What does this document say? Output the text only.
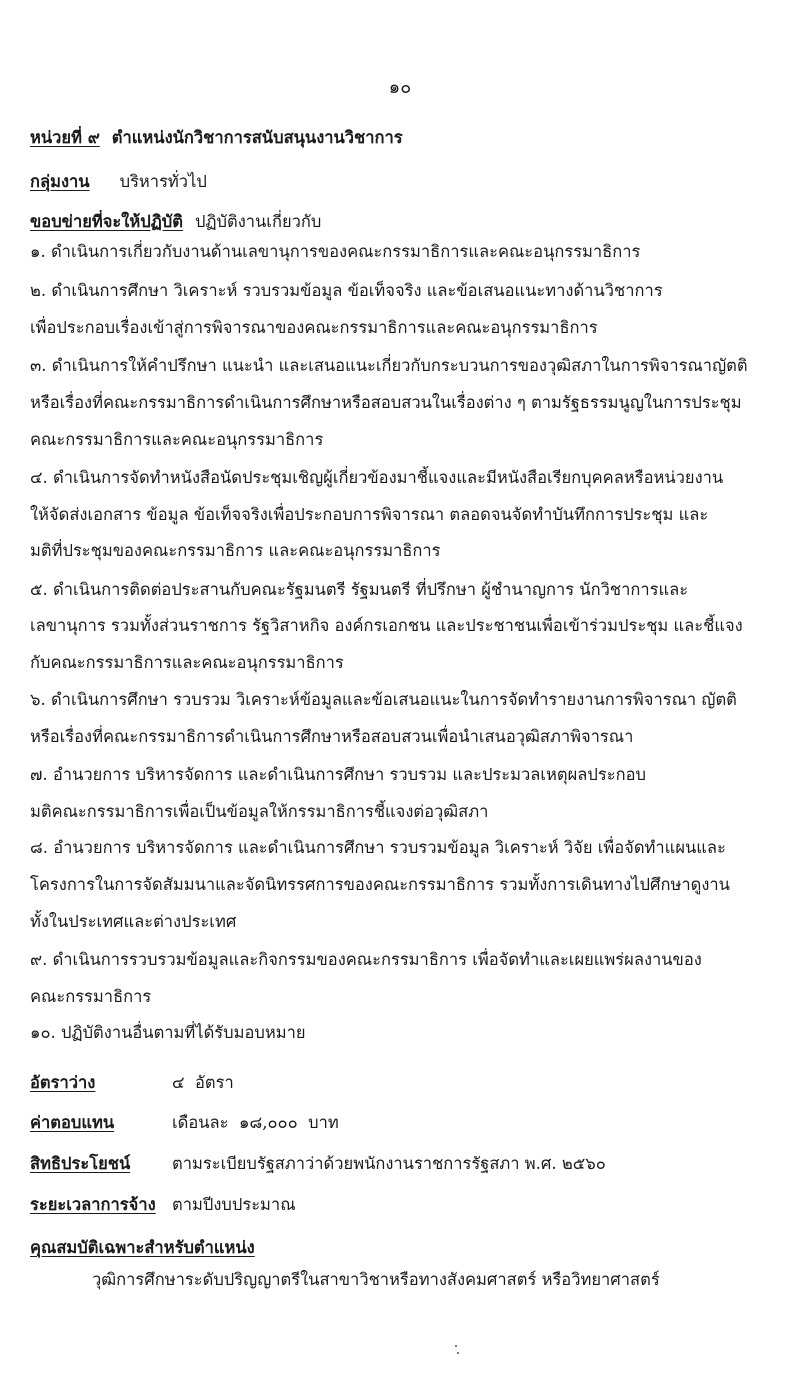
๑๐
หน่วยที่ ๙ ตำแหน่งนักวิชาการสนับสนุนงานวิชาการ
กลุ่มงาน บริหารทั่วไป
ขอบข่ายที่จะให้ปฏิบัติ ปฏิบัติงานเกี่ยวกับ
๑. ดำเนินการเกี่ยวกับงานด้านเลขานุการของคณะกรรมาธิการและคณะอนุกรรมาธิการ
๒. ดำเนินการศึกษา วิเคราะห์ รวบรวมข้อมูล ข้อเท็จจริง และข้อเสนอแนะทางด้านวิชาการ
เพื่อประกอบเรื่องเข้าสู่การพิจารณาของคณะกรรมาธิการและคณะอนุกรรมาธิการ
๓. ดำเนินการให้คำปรึกษา แนะนำ และเสนอแนะเกี่ยวกับกระบวนการของวุฒิสภาในการพิจารณาญัตติ
หรือเรื่องที่คณะกรรมาธิการดำเนินการศึกษาหรือสอบสวนในเรื่องต่าง ๆ ตามรัฐธรรมนูญในการประชุม
คณะกรรมาธิการและคณะอนุกรรมาธิการ
๔. ดำเนินการจัดทำหนังสือนัดประชุมเชิญผู้เกี่ยวข้องมาชี้แจงและมีหนังสือเรียกบุคคลหรือหน่วยงาน
ให้จัดส่งเอกสาร ข้อมูล ข้อเท็จจริงเพื่อประกอบการพิจารณา ตลอดจนจัดทำบันทึกการประชุม และ
มติที่ประชุมของคณะกรรมาธิการ และคณะอนุกรรมาธิการ
๕. ดำเนินการติดต่อประสานกับคณะรัฐมนตรี รัฐมนตรี ที่ปรึกษา ผู้ชำนาญการ นักวิชาการและ
เลขานุการ รวมทั้งส่วนราชการ รัฐวิสาหกิจ องค์กรเอกชน และประชาชนเพื่อเข้าร่วมประชุม และชี้แจง
กับคณะกรรมาธิการและคณะอนุกรรมาธิการ
๖. ดำเนินการศึกษา รวบรวม วิเคราะห์ข้อมูลและข้อเสนอแนะในการจัดทำรายงานการพิจารณา ญัตติ
หรือเรื่องที่คณะกรรมาธิการดำเนินการศึกษาหรือสอบสวนเพื่อนำเสนอวุฒิสภาพิจารณา
๗. อำนวยการ บริหารจัดการ และดำเนินการศึกษา รวบรวม และประมวลเหตุผลประกอบ
มติคณะกรรมาธิการเพื่อเป็นข้อมูลให้กรรมาธิการชี้แจงต่อวุฒิสภา
๘. อำนวยการ บริหารจัดการ และดำเนินการศึกษา รวบรวมข้อมูล วิเคราะห์ วิจัย เพื่อจัดทำแผนและ
โครงการในการจัดสัมมนาและจัดนิทรรศการของคณะกรรมาธิการ รวมทั้งการเดินทางไปศึกษาดูงาน
ทั้งในประเทศและต่างประเทศ
๙. ดำเนินการรวบรวมข้อมูลและกิจกรรมของคณะกรรมาธิการ เพื่อจัดทำและเผยแพร่ผลงานของ
คณะกรรมาธิการ
๑๐. ปฏิบัติงานอื่นตามที่ได้รับมอบหมาย
อัตราว่าง	๔  อัตรา
ค่าตอบแทน	เดือนละ  ๑๘,๐๐๐  บาท
สิทธิประโยชน์	ตามระเบียบรัฐสภาว่าด้วยพนักงานราชการรัฐสภา พ.ศ. ๒๕๖๐
ระยะเวลาการจ้าง ตามปีงบประมาณ
คุณสมบัติเฉพาะสำหรับตำแหน่ง
วุฒิการศึกษาระดับปริญญาตรีในสาขาวิชาหรือทางสังคมศาสตร์ หรือวิทยาศาสตร์
